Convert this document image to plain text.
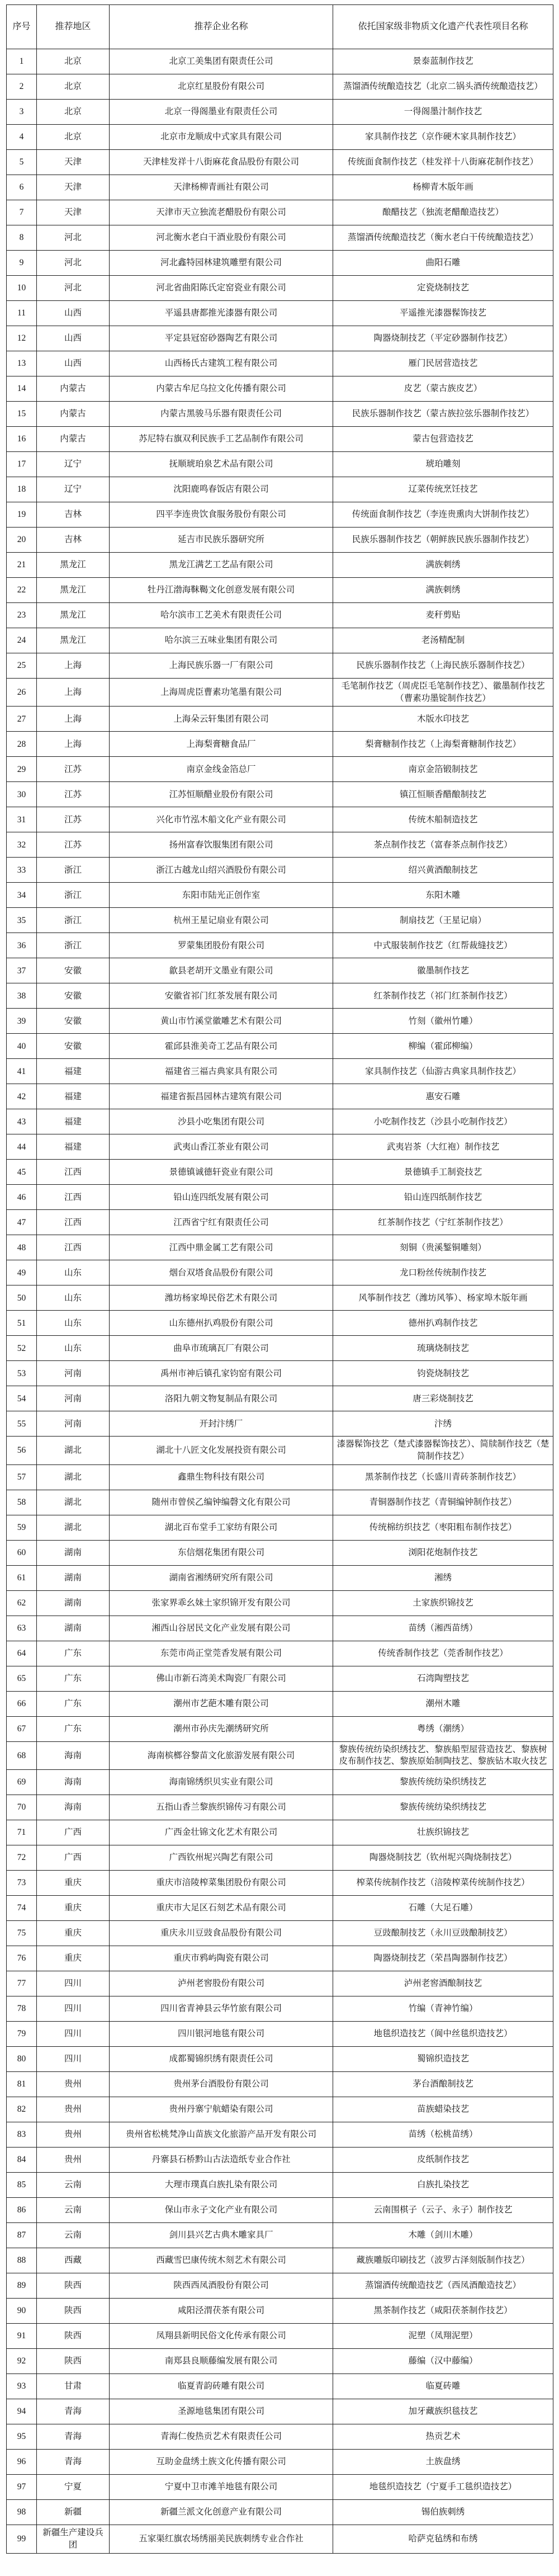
序号	推荐地区	推荐企业名称	依托国家级非物质文化遗产代表性项目名称
1	北京	北京工美集团有限责任公司	景泰蓝制作技艺
2	北京	北京红星股份有限公司	蒸馏酒传统酿造技艺（北京二锅头酒传统酿造技艺）
3	北京	北京一得阁墨业有限责任公司	一得阁墨汁制作技艺
4	北京	北京市龙顺成中式家具有限公司	家具制作技艺（京作硬木家具制作技艺）
5	天津	天津桂发祥十八街麻花食品股份有限公司	传统面食制作技艺（桂发祥十八街麻花制作技艺）
6	天津	天津杨柳青画社有限公司	杨柳青木版年画
7	天津	天津市天立独流老醋股份有限公司	酿醋技艺（独流老醋酿造技艺）
8	河北	河北衡水老白干酒业股份有限公司	蒸馏酒传统酿造技艺（衡水老白干传统酿造技艺）
9	河北	河北鑫特园林建筑雕塑有限公司	曲阳石雕
10	河北	河北省曲阳陈氏定窑瓷业有限公司	定瓷烧制技艺
11	山西	平遥县唐都推光漆器有限公司	平遥推光漆器髹饰技艺
12	山西	平定县冠窑砂器陶艺有限公司	陶器烧制技艺（平定砂器制作技艺）
13	山西	山西杨氏古建筑工程有限公司	雁门民居营造技艺
14	内蒙古	内蒙古牟尼乌拉文化传播有限公司	皮艺（蒙古族皮艺）
15	内蒙古	内蒙古黑骏马乐器有限责任公司	民族乐器制作技艺（蒙古族拉弦乐器制作技艺）
16	内蒙古	苏尼特右旗双利民族手工艺品制作有限公司	蒙古包营造技艺
17	辽宁	抚顺琥珀泉艺术品有限公司	琥珀雕刻
18	辽宁	沈阳鹿鸣春饭店有限公司	辽菜传统烹饪技艺
19	吉林	四平李连贵饮食服务股份有限公司	传统面食制作技艺（李连贵熏肉大饼制作技艺）
20	吉林	延吉市民族乐器研究所	民族乐器制作技艺（朝鲜族民族乐器制作技艺）
21	黑龙江	黑龙江满艺工艺品有限公司	满族刺绣
22	黑龙江	牡丹江渤海靺鞨文化创意发展有限公司	满族刺绣
23	黑龙江	哈尔滨市工艺美术有限责任公司	麦秆剪贴
24	黑龙江	哈尔滨三五味业集团有限公司	老汤精配制
25	上海	上海民族乐器一厂有限公司	民族乐器制作技艺（上海民族乐器制作技艺）
26	上海	上海周虎臣曹素功笔墨有限公司	毛笔制作技艺（周虎臣毛笔制作技艺）、徽墨制作技艺（曹素功墨锭制作技艺）
27	上海	上海朵云轩集团有限公司	木版水印技艺
28	上海	上海梨膏糖食品厂	梨膏糖制作技艺（上海梨膏糖制作技艺）
29	江苏	南京金线金箔总厂	南京金箔锻制技艺
30	江苏	江苏恒顺醋业股份有限公司	镇江恒顺香醋酿制技艺
31	江苏	兴化市竹泓木船文化产业有限公司	传统木船制造技艺
32	江苏	扬州富春饮服集团有限公司	茶点制作技艺（富春茶点制作技艺）
33	浙江	浙江古越龙山绍兴酒股份有限公司	绍兴黄酒酿制技艺
34	浙江	东阳市陆光正创作室	东阳木雕
35	浙江	杭州王星记扇业有限公司	制扇技艺（王星记扇）
36	浙江	罗蒙集团股份有限公司	中式服装制作技艺（红帮裁缝技艺）
37	安徽	歙县老胡开文墨业有限公司	徽墨制作技艺
38	安徽	安徽省祁门红茶发展有限公司	红茶制作技艺（祁门红茶制作技艺）
39	安徽	黄山市竹溪堂徽雕艺术有限公司	竹刻（徽州竹雕）
40	安徽	霍邱县淮美奇工艺品有限公司	柳编（霍邱柳编）
41	福建	福建省三福古典家具有限公司	家具制作技艺（仙游古典家具制作技艺）
42	福建	福建省振昌园林古建筑有限公司	惠安石雕
43	福建	沙县小吃集团有限公司	小吃制作技艺（沙县小吃制作技艺）
44	福建	武夷山香江茶业有限公司	武夷岩茶（大红袍）制作技艺
45	江西	景德镇诚德轩瓷业有限公司	景德镇手工制瓷技艺
46	江西	铅山连四纸发展有限公司	铅山连四纸制作技艺
47	江西	江西省宁红有限责任公司	红茶制作技艺（宁红茶制作技艺）
48	江西	江西中鼎金属工艺有限公司	刻铜（贵溪錾铜雕刻）
49	山东	烟台双塔食品股份有限公司	龙口粉丝传统制作技艺
50	山东	潍坊杨家埠民俗艺术有限公司	风筝制作技艺（潍坊风筝）、杨家埠木版年画
51	山东	山东德州扒鸡股份有限公司	德州扒鸡制作技艺
52	山东	曲阜市琉璃瓦厂有限公司	琉璃烧制技艺
53	河南	禹州市神后镇孔家钧窑有限公司	钧瓷烧制技艺
54	河南	洛阳九朝文物复制品有限公司	唐三彩烧制技艺
55	河南	开封汴绣厂	汴绣
56	湖北	湖北十八匠文化发展投资有限公司	漆器髹饰技艺（楚式漆器髹饰技艺）、简牍制作技艺（楚简制作技艺）
57	湖北	鑫鼎生物科技有限公司	黑茶制作技艺（长盛川青砖茶制作技艺）
58	湖北	随州市曾侯乙编钟编磬文化有限公司	青铜器制作技艺（青铜编钟制作技艺）
59	湖北	湖北百布堂手工家纺有限公司	传统棉纺织技艺（枣阳粗布制作技艺）
60	湖南	东信烟花集团有限公司	浏阳花炮制作技艺
61	湖南	湖南省湘绣研究所有限公司	湘绣
62	湖南	张家界乖幺妹土家织锦开发有限公司	土家族织锦技艺
63	湖南	湘西山谷居民文化产业发展有限公司	苗绣（湘西苗绣）
64	广东	东莞市尚正堂莞香发展有限公司	传统香制作技艺（莞香制作技艺）
65	广东	佛山市新石湾美术陶瓷厂有限公司	石湾陶塑技艺
66	广东	潮州市艺葩木雕有限公司	潮州木雕
67	广东	潮州市孙庆先潮绣研究所	粤绣（潮绣）
68	海南	海南槟榔谷黎苗文化旅游发展有限公司	黎族传统纺染织绣技艺、黎族船型屋营造技艺、黎族树皮布制作技艺、黎族原始制陶技艺、黎族钻木取火技艺
69	海南	海南锦绣织贝实业有限公司	黎族传统纺染织绣技艺
70	海南	五指山香兰黎族织锦传习有限公司	黎族传统纺染织绣技艺
71	广西	广西金壮锦文化艺术有限公司	壮族织锦技艺
72	广西	广西钦州坭兴陶艺有限公司	陶器烧制技艺（钦州坭兴陶烧制技艺）
73	重庆	重庆市涪陵榨菜集团股份有限公司	榨菜传统制作技艺（涪陵榨菜传统制作技艺）
74	重庆	重庆市大足区石刻艺术品有限公司	石雕（大足石雕）
75	重庆	重庆永川豆豉食品股份有限公司	豆豉酿制技艺（永川豆豉酿制技艺）
76	重庆	重庆市鸦屿陶瓷有限公司	陶器烧制技艺（荣昌陶器制作技艺）
77	四川	泸州老窖股份有限公司	泸州老窖酒酿制技艺
78	四川	四川省青神县云华竹旅有限公司	竹编（青神竹编）
79	四川	四川银河地毯有限公司	地毯织造技艺（阆中丝毯织造技艺）
80	四川	成都蜀锦织绣有限责任公司	蜀锦织造技艺
81	贵州	贵州茅台酒股份有限公司	茅台酒酿制技艺
82	贵州	贵州丹寨宁航蜡染有限公司	苗族蜡染技艺
83	贵州	贵州省松桃梵净山苗族文化旅游产品开发有限公司	苗绣（松桃苗绣）
84	贵州	丹寨县石桥黔山古法造纸专业合作社	皮纸制作技艺
85	云南	大理市璞真白族扎染有限公司	白族扎染技艺
86	云南	保山市永子文化产业有限公司	云南围棋子（云子、永子）制作技艺
87	云南	剑川县兴艺古典木雕家具厂	木雕（剑川木雕）
88	西藏	西藏雪巴康传统木刻艺术有限公司	藏族雕版印刷技艺（波罗古泽刻版制作技艺）
89	陕西	陕西西凤酒股份有限公司	蒸馏酒传统酿造技艺（西凤酒酿造技艺）
90	陕西	咸阳泾渭茯茶有限公司	黑茶制作技艺（咸阳茯茶制作技艺）
91	陕西	凤翔县新明民俗文化传承有限公司	泥塑（凤翔泥塑）
92	陕西	南郑县良顺藤编发展有限公司	藤编（汉中藤编）
93	甘肃	临夏青韵砖雕有限公司	临夏砖雕
94	青海	圣源地毯集团有限公司	加牙藏族织毯技艺
95	青海	青海仁俊热贡艺术有限责任公司	热贡艺术
96	青海	互助金盘绣土族文化传播有限公司	土族盘绣
97	宁夏	宁夏中卫市滩羊地毯有限公司	地毯织造技艺（宁夏手工毯织造技艺）
98	新疆	新疆兰派文化创意产业有限公司	锡伯族刺绣
99	新疆生产建设兵团	五家渠红旗农场绣丽美民族刺绣专业合作社	哈萨克毡绣和布绣
